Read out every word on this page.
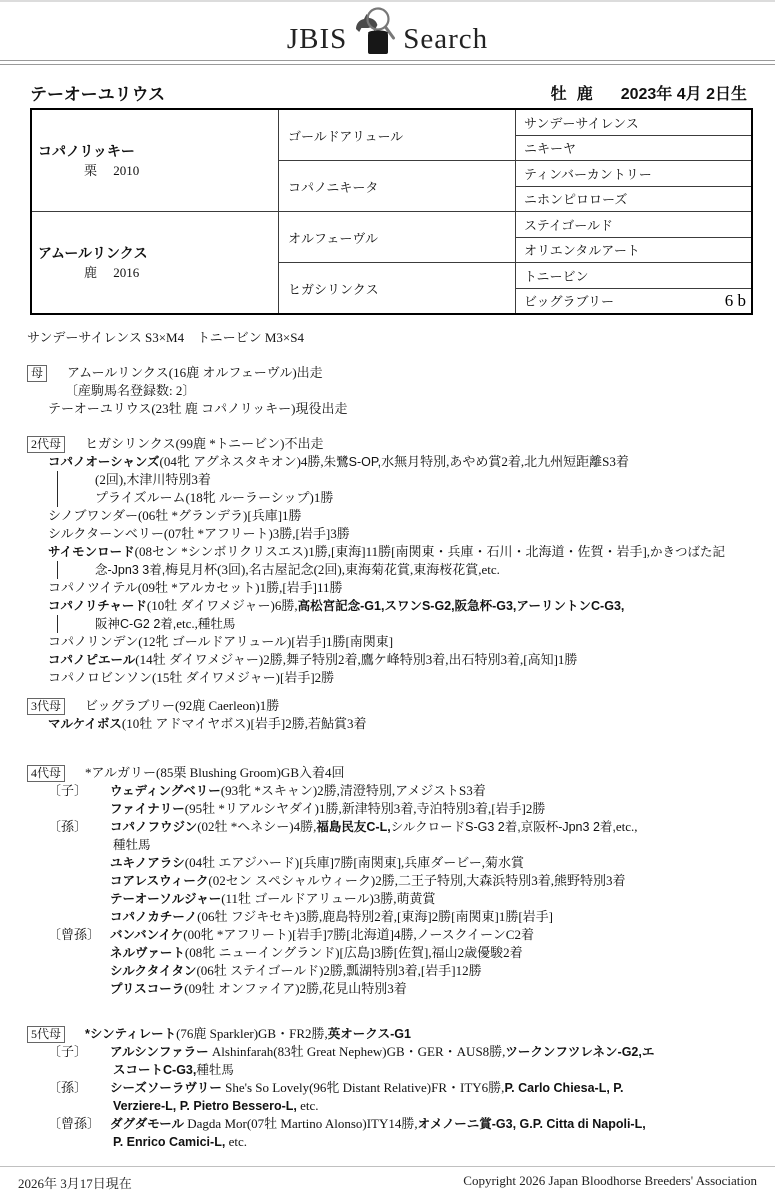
JBIS Search
テーオーユリウス	牡 鹿 2023年 4月 2日生
コパノリッキー
栗　 2010	ゴールドアリュール	サンデーサイレンス

		ニキーヤ

	コパノニキータ	ティンバーカントリー

		ニホンピロローズ

アムールリンクス
鹿　 2016	オルフェーヴル	ステイゴールド

		オリエンタルアート

	ヒガシリンクス	トニービン

		ビッグラブリー 6 b
サンデーサイレンス S3×M4　トニービン M3×S4
母	アムールリンクス(16鹿 オルフェーヴル)出走
〔産駒馬名登録数: 2〕
テーオーユリウス(23牡 鹿 コパノリッキー)現役出走
2代母	ヒガシリンクス(99鹿 *トニービン)不出走
コパノオーシャンズ(04牝 アグネスタキオン)4勝,朱鷺S-OP,水無月特別,あやめ賞2着,北九州短距離S3着
(2回),木津川特別3着
プライズルーム(18牝 ルーラーシップ)1勝
シノブワンダー(06牡 *グランデラ)[兵庫]1勝
シルクターンベリー(07牡 *アフリート)3勝,[岩手]3勝
サイモンロード(08セン *シンボリクリスエス)1勝,[東海]11勝[南関東・兵庫・石川・北海道・佐賀・岩手],かきつばた記
念-Jpn3 3着,梅見月杯(3回),名古屋記念(2回),東海菊花賞,東海桜花賞,etc.
コパノツイテル(09牡 *アルカセット)1勝,[岩手]11勝
コパノリチャード(10牡 ダイワメジャー)6勝,高松宮記念-G1,スワンS-G2,阪急杯-G3,アーリントンC-G3,
阪神C-G2 2着,etc.,種牡馬
コパノリンデン(12牝 ゴールドアリュール)[岩手]1勝[南関東]
コパノピエール(14牡 ダイワメジャー)2勝,舞子特別2着,鷹ケ峰特別3着,出石特別3着,[高知]1勝
コパノロビンソン(15牡 ダイワメジャー)[岩手]2勝
3代母	ビッグラブリー(92鹿 Caerleon)1勝
マルケイボス(10牡 アドマイヤボス)[岩手]2勝,若鮎賞3着
4代母	*アルガリー(85栗 Blushing Groom)GB入着4回
〔子〕 ウェディングベリー(93牝 *スキャン)2勝,清澄特別,アメジストS3着
ファイナリー(95牡 *リアルシヤダイ)1勝,新津特別3着,寺泊特別3着,[岩手]2勝
〔孫〕 コパノフウジン(02牡 *ヘネシー)4勝,福島民友C-L,シルクロードS-G3 2着,京阪杯-Jpn3 2着,etc.,
種牡馬
ユキノアラシ(04牡 エアジハード)[兵庫]7勝[南関東],兵庫ダービー,菊水賞
コアレスウィーク(02セン スペシャルウィーク)2勝,二王子特別,大森浜特別3着,熊野特別3着
テーオーソルジャー(11牡 ゴールドアリュール)3勝,萌黄賞
コパノカチーノ(06牡 フジキセキ)3勝,鹿島特別2着,[東海]2勝[南関東]1勝[岩手]
〔曾孫〕 バンバンイケ(00牝 *アフリート)[岩手]7勝[北海道]4勝,ノースクイーンC2着
ネルヴァート(08牝 ニューイングランド)[広島]3勝[佐賀],福山2歳優駿2着
シルクタイタン(06牡 ステイゴールド)2勝,瓢湖特別3着,[岩手]12勝
プリスコーラ(09牡 オンファイア)2勝,花見山特別3着
5代母	*シンティレート(76鹿 Sparkler)GB・FR2勝,英オークス-G1
〔子〕 アルシンファラー Alshinfarah(83牡 Great Nephew)GB・GER・AUS8勝,ツークンフツレネン-G2,エ
スコートC-G3,種牡馬
〔孫〕 シーズソーラヴリー She's So Lovely(96牝 Distant Relative)FR・ITY6勝,P. Carlo Chiesa-L, P.
Verziere-L, P. Pietro Bessero-L, etc.
〔曾孫〕 ダグダモール Dagda Mor(07牡 Martino Alonso)ITY14勝,オメノーニ賞-G3, G.P. Citta di Napoli-L,
P. Enrico Camici-L, etc.
2026年 3月17日現在	Copyright 2026 Japan Bloodhorse Breeders' Association
